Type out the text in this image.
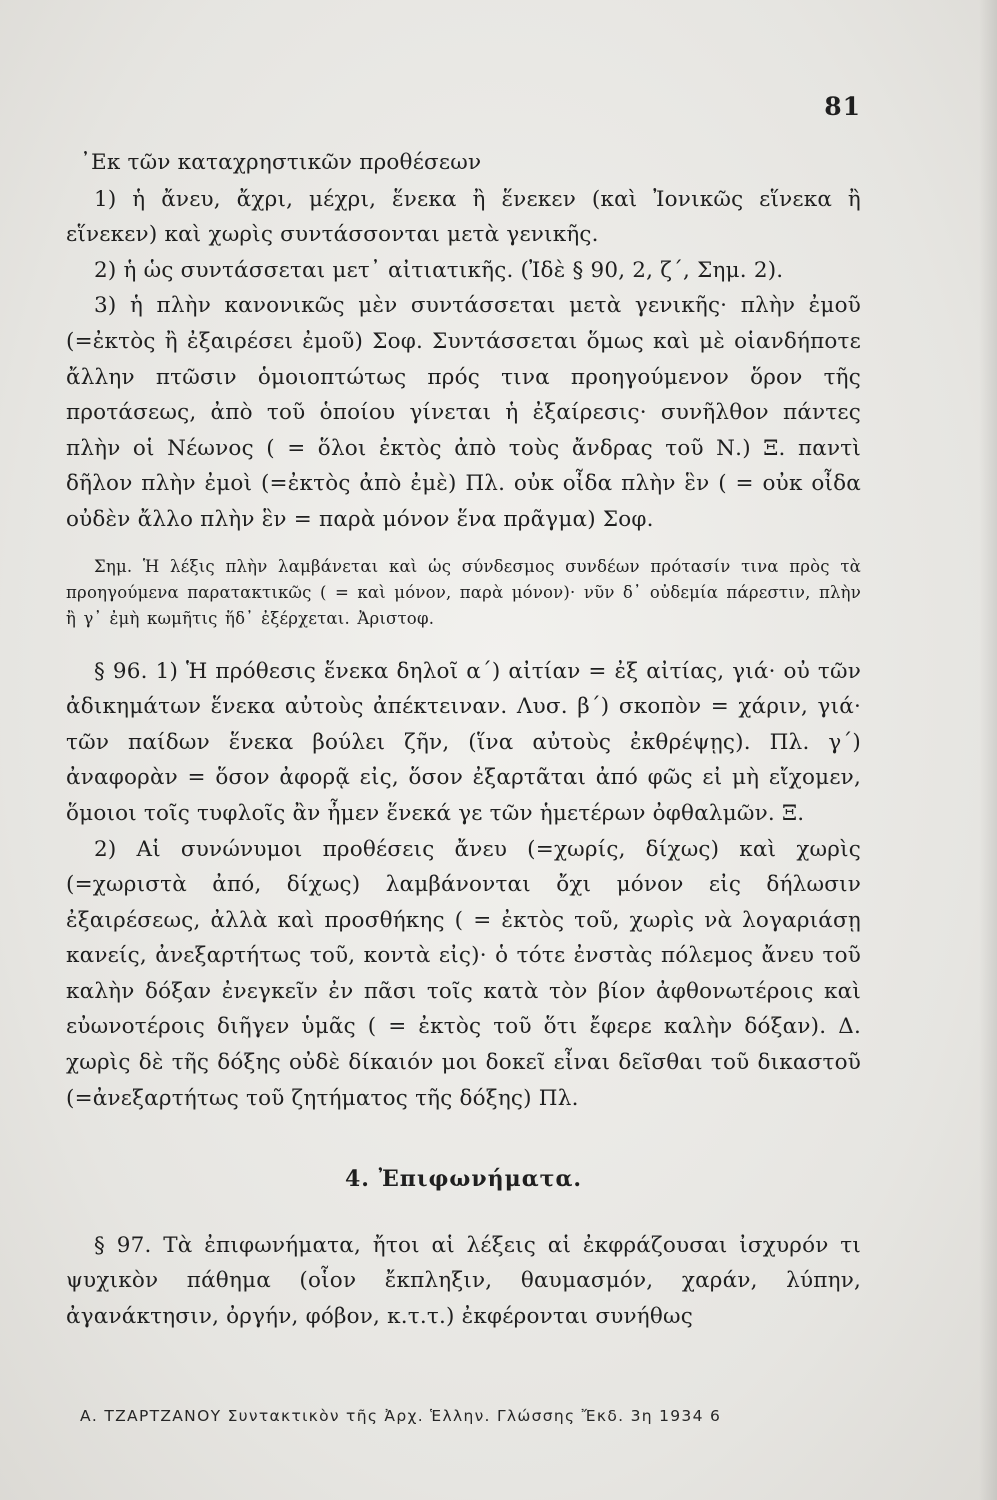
81

᾿Εκ τῶν καταχρηστικῶν προθέσεων

1) ἡ ἄνευ, ἄχρι, μέχρι, ἕνεκα ἢ ἕνεκεν (καὶ Ἰονικῶς εἵνεκα ἢ εἵνεκεν) καὶ χωρὶς συντάσσονται μετὰ γενικῆς.

2) ἡ ὡς συντάσσεται μετ᾿ αἰτιατικῆς. (Ἰδὲ § 90, 2, ζ΄, Σημ. 2).

3) ἡ πλὴν κανονικῶς μὲν συντάσσεται μετὰ γενικῆς· πλὴν ἐμοῦ (=ἐκτὸς ἢ ἐξαιρέσει ἐμοῦ) Σοφ. Συντάσσεται ὅμως καὶ μὲ οἱανδήποτε ἄλλην πτῶσιν ὁμοιοπτώτως πρός τινα προηγούμενον ὅρον τῆς προτάσεως, ἀπὸ τοῦ ὁποίου γίνεται ἡ ἐξαίρεσις· συνῆλθον πάντες πλὴν οἱ Νέωνος ( = ὅλοι ἐκτὸς ἀπὸ τοὺς ἄνδρας τοῦ Ν.) Ξ. παντὶ δῆλον πλὴν ἐμοὶ (=ἐκτὸς ἀπὸ ἐμὲ) Πλ. οὐκ οἶδα πλὴν ἓν ( = οὐκ οἶδα οὐδὲν ἄλλο πλὴν ἓν = παρὰ μόνον ἕνα πρᾶγμα) Σοφ.

Σημ. Ἡ λέξις πλὴν λαμβάνεται καὶ ὡς σύνδεσμος συνδέων πρότασίν τινα πρὸς τὰ προηγούμενα παρατακτικῶς ( = καὶ μόνον, παρὰ μόνον)· νῦν δ᾿ οὐδεμία πάρεστιν, πλὴν ἢ γ᾿ ἐμὴ κωμῆτις ἥδ᾿ ἐξέρχεται. Ἀριστοφ.

§ 96. 1) Ἡ πρόθεσις ἕνεκα δηλοῖ α΄) αἰτίαν = ἐξ αἰτίας, γιά· οὐ τῶν ἀδικημάτων ἕνεκα αὐτοὺς ἀπέκτειναν. Λυσ. β΄) σκοπὸν = χάριν, γιά· τῶν παίδων ἕνεκα βούλει ζῆν, (ἵνα αὐτοὺς ἐκθρέψῃς). Πλ. γ΄) ἀναφορὰν = ὅσον ἀφορᾷ εἰς, ὅσον ἐξαρτᾶται ἀπό φῶς εἰ μὴ εἴχομεν, ὅμοιοι τοῖς τυφλοῖς ἂν ἦμεν ἕνεκά γε τῶν ἡμετέρων ὀφθαλμῶν. Ξ.

2) Αἱ συνώνυμοι προθέσεις ἄνευ (=χωρίς, δίχως) καὶ χωρὶς (=χωριστὰ ἀπό, δίχως) λαμβάνονται ὄχι μόνον εἰς δήλωσιν ἐξαιρέσεως, ἀλλὰ καὶ προσθήκης ( = ἐκτὸς τοῦ, χωρὶς νὰ λογαριάσῃ κανείς, ἀνεξαρτήτως τοῦ, κοντὰ εἰς)· ὁ τότε ἐνστὰς πόλεμος ἄνευ τοῦ καλὴν δόξαν ἐνεγκεῖν ἐν πᾶσι τοῖς κατὰ τὸν βίον ἀφθονωτέροις καὶ εὐωνοτέροις διῆγεν ὑμᾶς ( = ἐκτὸς τοῦ ὅτι ἔφερε καλὴν δόξαν). Δ. χωρὶς δὲ τῆς δόξης οὐδὲ δίκαιόν μοι δοκεῖ εἶναι δεῖσθαι τοῦ δικαστοῦ (=ἀνεξαρτήτως τοῦ ζητήματος τῆς δόξης) Πλ.

4. Ἐπιφωνήματα.

§ 97. Τὰ ἐπιφωνήματα, ἤτοι αἱ λέξεις αἱ ἐκφράζουσαι ἰσχυρόν τι ψυχικὸν πάθημα (οἷον ἔκπληξιν, θαυμασμόν, χαράν, λύπην, ἀγανάκτησιν, ὀργήν, φόβον, κ.τ.τ.) ἐκφέρονται συνήθως

Α. ΤΖΑΡΤΖΑΝΟΥ Συντακτικὸν τῆς Ἀρχ. Ἑλλην. Γλώσσης Ἔκδ. 3η 1934 6
